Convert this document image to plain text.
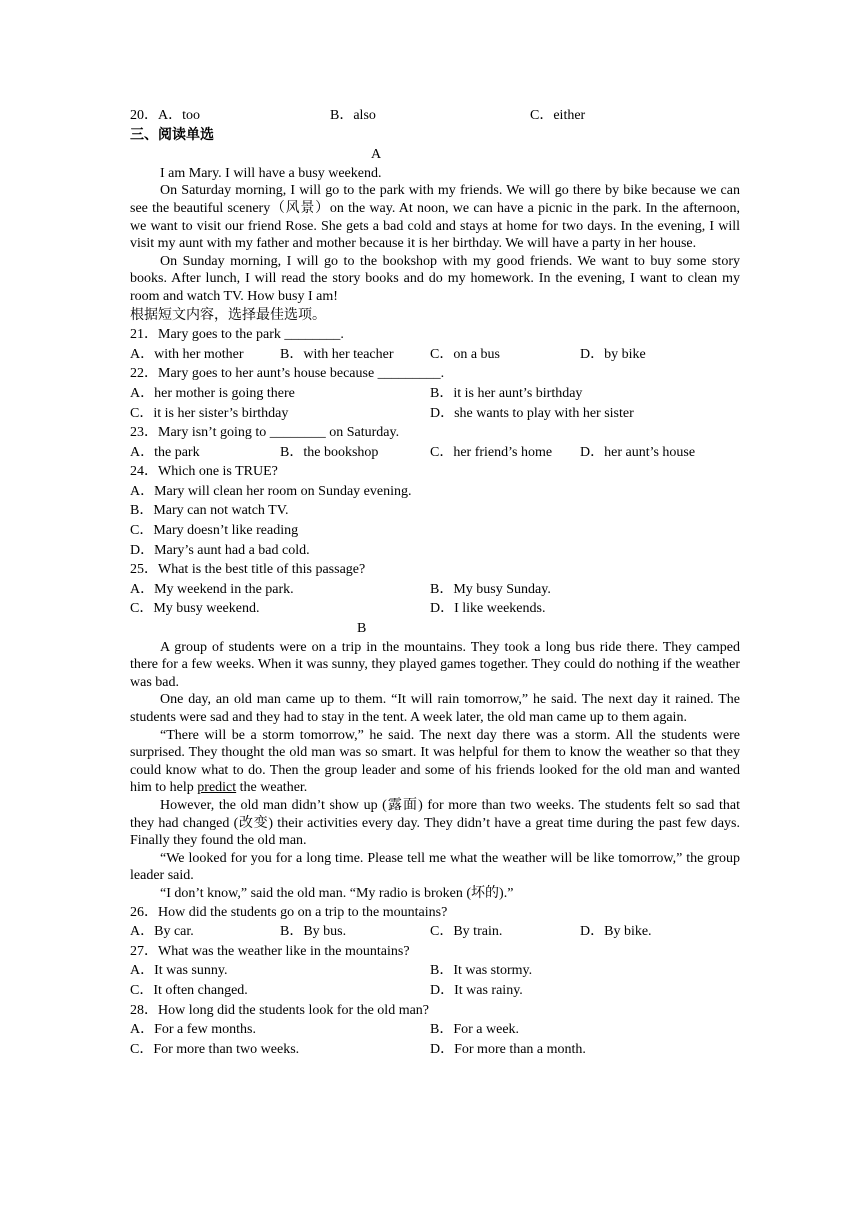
20．A．too	B．also	C．either
三、阅读单选
A

I am Mary. I will have a busy weekend.

On Saturday morning, I will go to the park with my friends. We will go there by bike because we can see the beautiful scenery（风景）on the way. At noon, we can have a picnic in the park. In the afternoon, we want to visit our friend Rose. She gets a bad cold and stays at home for two days. In the evening, I will visit my aunt with my father and mother because it is her birthday. We will have a party in her house.

On Sunday morning, I will go to the bookshop with my good friends. We want to buy some story books. After lunch, I will read the story books and do my homework. In the evening, I want to clean my room and watch TV. How busy I am!

根据短文内容，选择最佳选项。
21．Mary goes to the park ________.
A．with her mother	B．with her teacher	C．on a bus	D．by bike
22．Mary goes to her aunt’s house because _________.
A．her mother is going there	B．it is her aunt’s birthday
C．it is her sister’s birthday	D．she wants to play with her sister
23．Mary isn’t going to ________ on Saturday.
A．the park	B．the bookshop	C．her friend’s home D．her aunt’s house
24．Which one is TRUE?
A．Mary will clean her room on Sunday evening.
B．Mary can not watch TV.
C．Mary doesn’t like reading
D．Mary’s aunt had a bad cold.
25．What is the best title of this passage?
A．My weekend in the park.	B．My busy Sunday.
C．My busy weekend.	D．I like weekends.
B

A group of students were on a trip in the mountains. They took a long bus ride there. They camped there for a few weeks. When it was sunny, they played games together. They could do nothing if the weather was bad.

One day, an old man came up to them. “It will rain tomorrow,” he said. The next day it rained. The students were sad and they had to stay in the tent. A week later, the old man came up to them again.

“There will be a storm tomorrow,” he said. The next day there was a storm. All the students were surprised. They thought the old man was so smart. It was helpful for them to know the weather so that they could know what to do. Then the group leader and some of his friends looked for the old man and wanted him to help predict the weather.

However, the old man didn’t show up (露面) for more than two weeks. The students felt so sad that they had changed (改变) their activities every day. They didn’t have a great time during the past few days. Finally they found the old man.

“We looked for you for a long time. Please tell me what the weather will be like tomorrow,” the group leader said.

“I don’t know,” said the old man. “My radio is broken (坏的).”

26．How did the students go on a trip to the mountains?
A．By car.	B．By bus.	C．By train.	D．By bike.
27．What was the weather like in the mountains?
A．It was sunny.	B．It was stormy.
C．It often changed.	D．It was rainy.
28．How long did the students look for the old man?
A．For a few months.	B．For a week.
C．For more than two weeks.	D．For more than a month.
